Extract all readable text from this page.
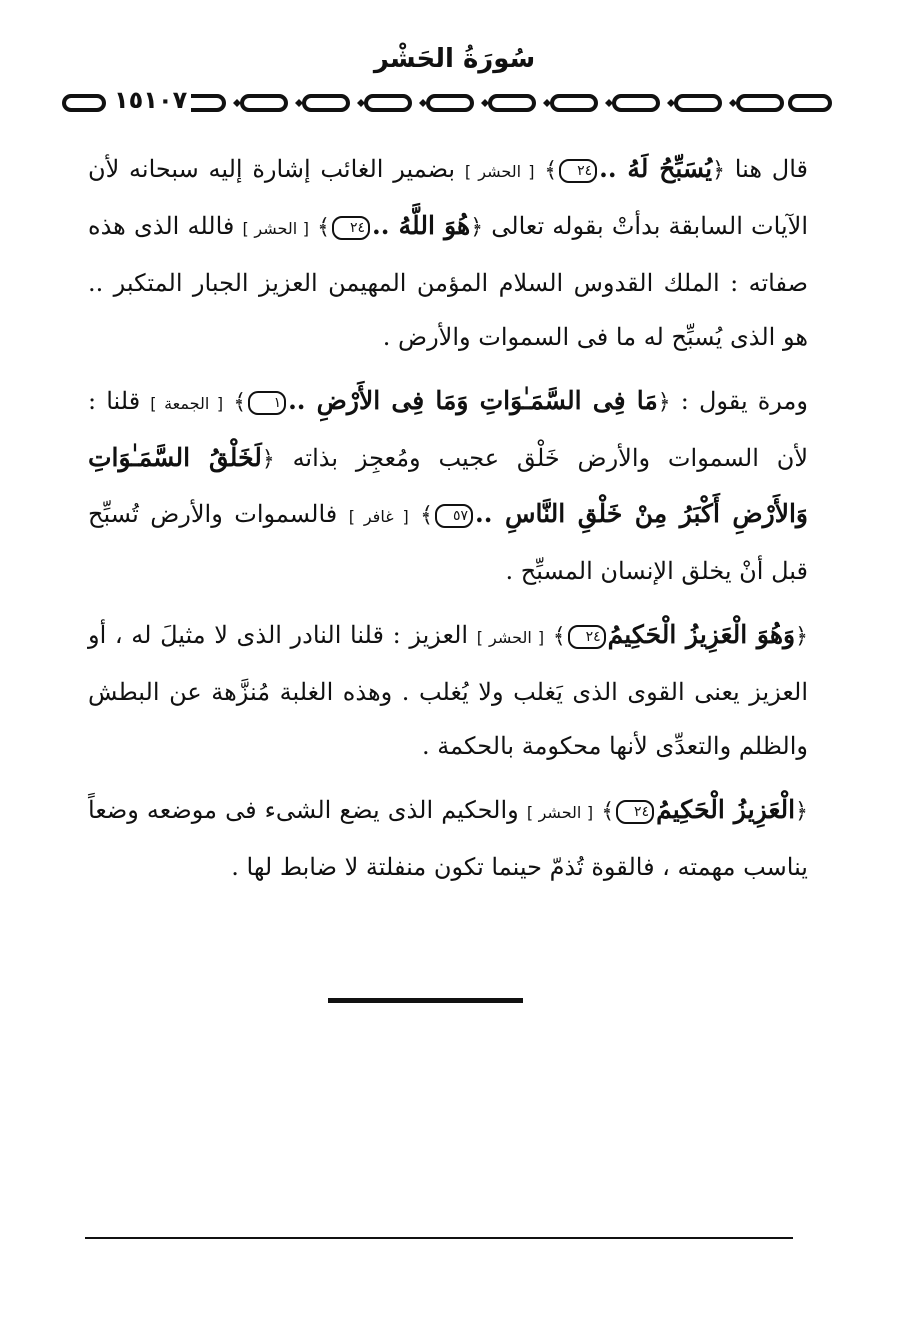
سُورَةُ الحَشْر
١٥١٠٧

قال هنا ﴿يُسَبِّحُ لَهُ ..٢٤﴾ [ الحشر ] بضمير الغائب إشارة إليه سبحانه لأن الآيات السابقة بدأتْ بقوله تعالى ﴿هُوَ اللَّهُ ..٢٤﴾ [ الحشر ] فالله الذى هذه صفاته : الملك القدوس السلام المؤمن المهيمن العزيز الجبار المتكبر .. هو الذى يُسبِّح له ما فى السموات والأرض .

ومرة يقول : ﴿مَا فِى السَّمَـٰوَاتِ وَمَا فِى الأَرْضِ ..١﴾ [ الجمعة ] قلنا : لأن السموات والأرض خَلْق عجيب ومُعجِز بذاته ﴿لَخَلْقُ السَّمَـٰوَاتِ وَالأَرْضِ أَكْبَرُ مِنْ خَلْقِ النَّاسِ ..٥٧﴾ [ غافر ] فالسموات والأرض تُسبِّح قبل أنْ يخلق الإنسان المسبِّح .

﴿وَهُوَ الْعَزِيزُ الْحَكِيمُ٢٤﴾ [ الحشر ] العزيز : قلنا النادر الذى لا مثيلَ له ، أو العزيز يعنى القوى الذى يَغلب ولا يُغلب . وهذه الغلبة مُنزَّهة عن البطش والظلم والتعدِّى لأنها محكومة بالحكمة .

﴿الْعَزِيزُ الْحَكِيمُ٢٤﴾ [ الحشر ] والحكيم الذى يضع الشىء فى موضعه وضعاً يناسب مهمته ، فالقوة تُذمّ حينما تكون منفلتة لا ضابط لها .
